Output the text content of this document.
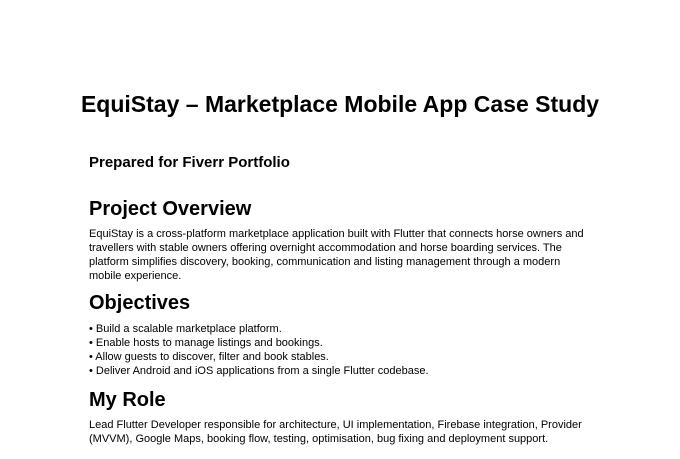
EquiStay – Marketplace Mobile App Case Study
Prepared for Fiverr Portfolio
Project Overview

EquiStay is a cross-platform marketplace application built with Flutter that connects horse owners and travellers with stable owners offering overnight accommodation and horse boarding services. The platform simplifies discovery, booking, communication and listing management through a modern mobile experience.

Objectives
• Build a scalable marketplace platform.
• Enable hosts to manage listings and bookings.
• Allow guests to discover, filter and book stables.
• Deliver Android and iOS applications from a single Flutter codebase.
My Role

Lead Flutter Developer responsible for architecture, UI implementation, Firebase integration, Provider (MVVM), Google Maps, booking flow, testing, optimisation, bug fixing and deployment support.
